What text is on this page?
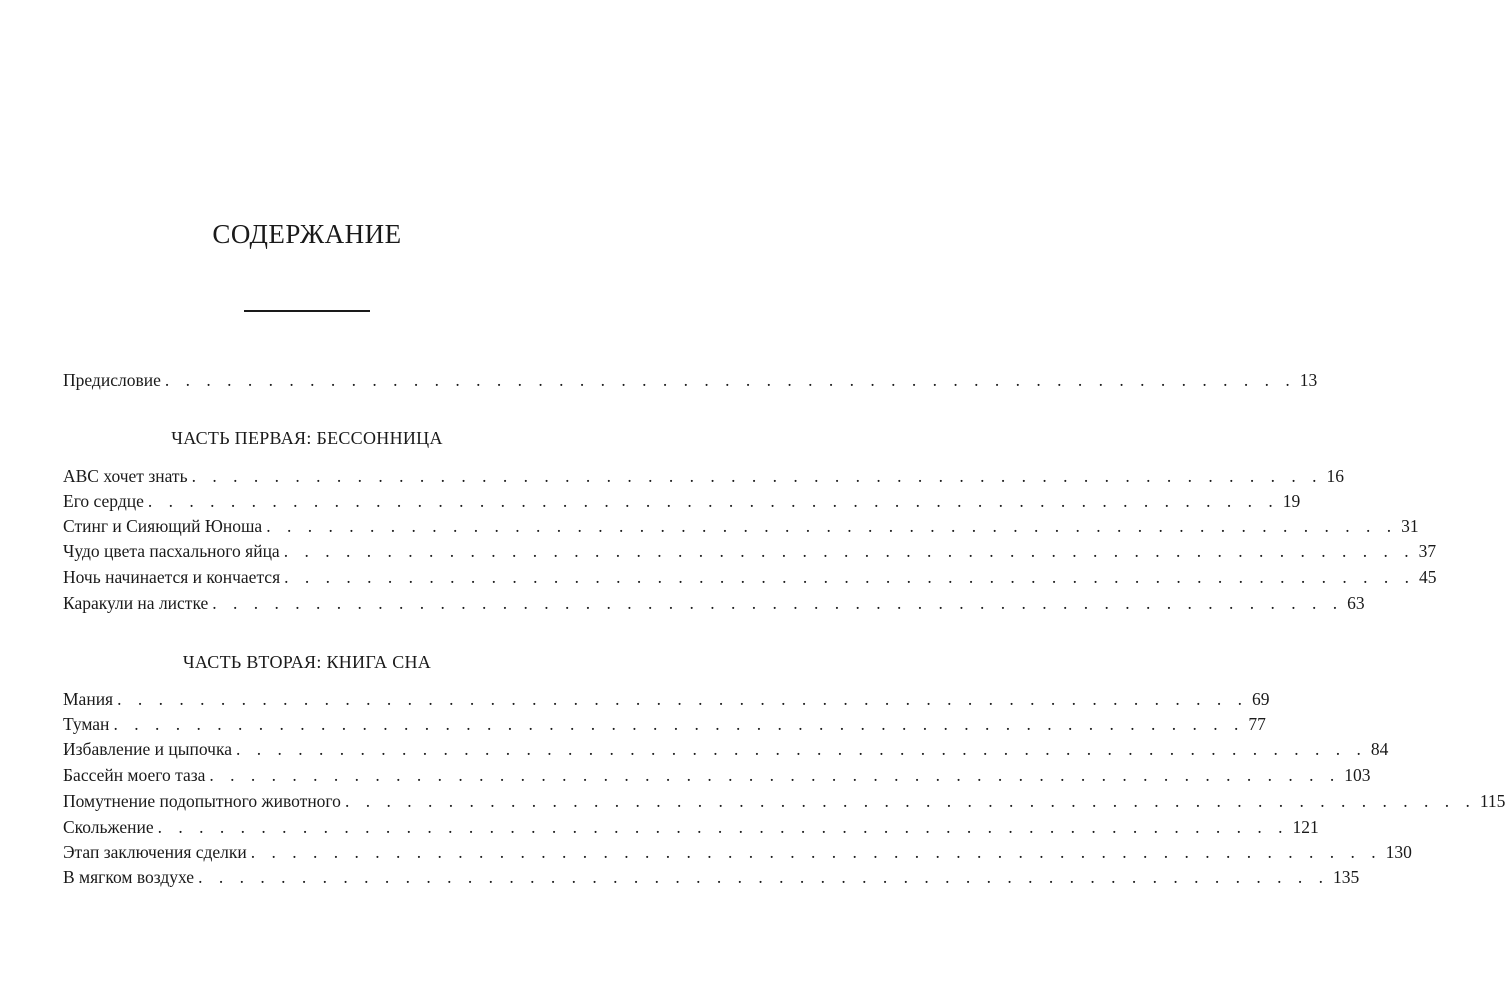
СОДЕРЖАНИЕ
Предисловие . . . . . . . . . . . . . . . . . . . . . . . . . . . . . . . . . . . . . . . . . . . . . . . . . . . . . . . 13
ЧАСТЬ ПЕРВАЯ: БЕССОННИЦА
ABC хочет знать . . . . . . . . . . . . . . . . . . . . . . . . . . . . . . . . . . . . . . . . . . . . . . . . . . . . . . . 16
Его сердце . . . . . . . . . . . . . . . . . . . . . . . . . . . . . . . . . . . . . . . . . . . . . . . . . . . . . . . 19
Стинг и Сияющий Юноша . . . . . . . . . . . . . . . . . . . . . . . . . . . . . . . . . . . . . . . . . . . . . . . . . . . . . . . 31
Чудо цвета пасхального яйца . . . . . . . . . . . . . . . . . . . . . . . . . . . . . . . . . . . . . . . . . . . . . . . . . . . . . . . 37
Ночь начинается и кончается . . . . . . . . . . . . . . . . . . . . . . . . . . . . . . . . . . . . . . . . . . . . . . . . . . . . . . . 45
Каракули на листке . . . . . . . . . . . . . . . . . . . . . . . . . . . . . . . . . . . . . . . . . . . . . . . . . . . . . . . 63
ЧАСТЬ ВТОРАЯ: КНИГА СНА
Мания . . . . . . . . . . . . . . . . . . . . . . . . . . . . . . . . . . . . . . . . . . . . . . . . . . . . . . . 69
Туман . . . . . . . . . . . . . . . . . . . . . . . . . . . . . . . . . . . . . . . . . . . . . . . . . . . . . . . 77
Избавление и цыпочка . . . . . . . . . . . . . . . . . . . . . . . . . . . . . . . . . . . . . . . . . . . . . . . . . . . . . . . 84
Бассейн моего таза . . . . . . . . . . . . . . . . . . . . . . . . . . . . . . . . . . . . . . . . . . . . . . . . . . . . . . . 103
Помутнение подопытного животного . . . . . . . . . . . . . . . . . . . . . . . . . . . . . . . . . . . . . . . . . . . . . . . . . . . . . . . 115
Скольжение . . . . . . . . . . . . . . . . . . . . . . . . . . . . . . . . . . . . . . . . . . . . . . . . . . . . . . . 121
Этап заключения сделки . . . . . . . . . . . . . . . . . . . . . . . . . . . . . . . . . . . . . . . . . . . . . . . . . . . . . . . 130
В мягком воздухе . . . . . . . . . . . . . . . . . . . . . . . . . . . . . . . . . . . . . . . . . . . . . . . . . . . . . . . 135
